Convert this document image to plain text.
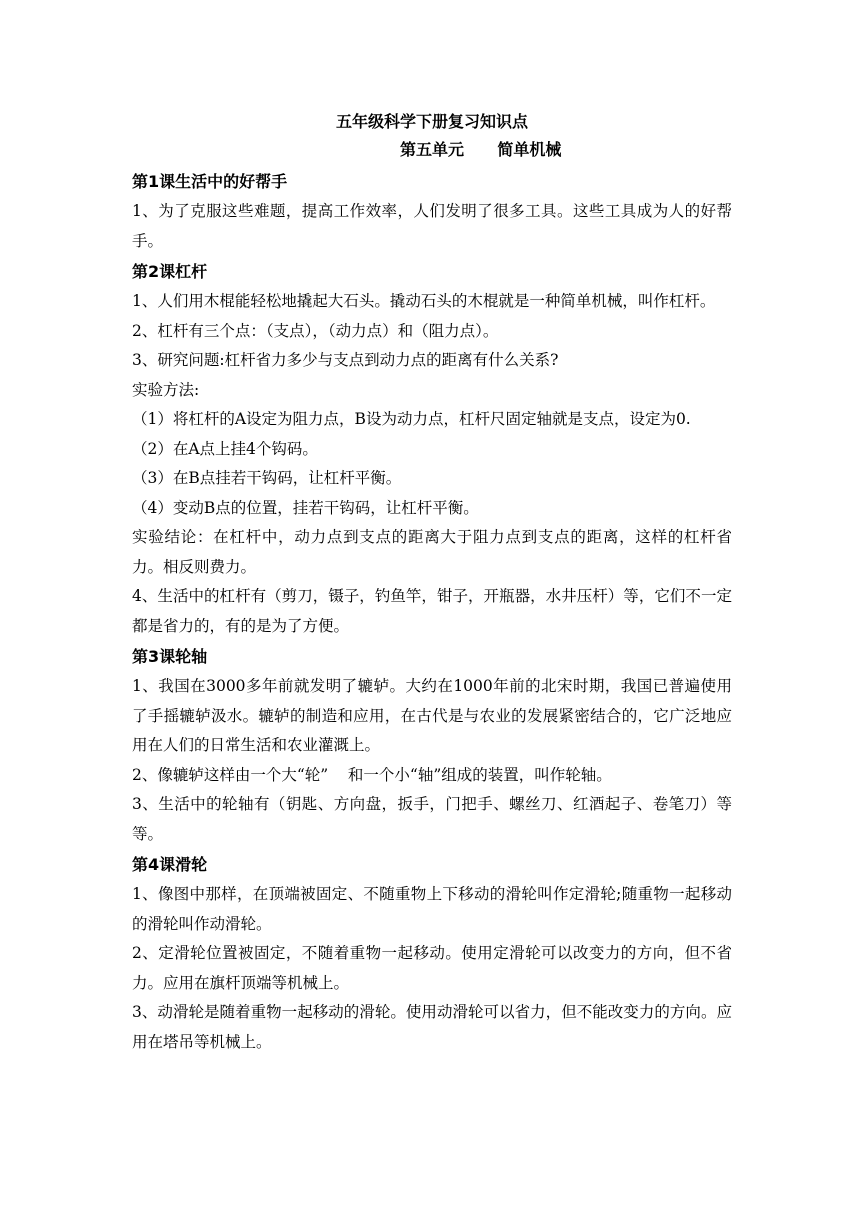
五年级科学下册复习知识点
第五单元      简单机械
第1课生活中的好帮手

1、为了克服这些难题，提高工作效率，人们发明了很多工具。这些工具成为人的好帮手。

第2课杠杆

1、人们用木棍能轻松地撬起大石头。撬动石头的木棍就是一种简单机械，叫作杠杆。

2、杠杆有三个点：（支点），（动力点）和（阻力点）。

3、研究问题:杠杆省力多少与支点到动力点的距离有什么关系?

实验方法:

（1）将杠杆的A设定为阻力点，B设为动力点，杠杆尺固定轴就是支点，设定为0.

（2）在A点上挂4个钩码。

（3）在B点挂若干钩码，让杠杆平衡。

（4）变动B点的位置，挂若干钩码，让杠杆平衡。

实验结论：在杠杆中，动力点到支点的距离大于阻力点到支点的距离，这样的杠杆省力。相反则费力。

4、生活中的杠杆有（剪刀，镊子，钓鱼竿，钳子，开瓶器，水井压杆）等，它们不一定都是省力的，有的是为了方便。

第3课轮轴

1、我国在3000多年前就发明了辘轳。大约在1000年前的北宋时期，我国已普遍使用了手摇辘轳汲水。辘轳的制造和应用，在古代是与农业的发展紧密结合的，它广泛地应用在人们的日常生活和农业灌溉上。

2、像辘轳这样由一个大“轮”    和一个小“轴”组成的装置，叫作轮轴。

3、生活中的轮轴有（钥匙、方向盘，扳手，门把手、螺丝刀、红酒起子、卷笔刀）等等。

第4课滑轮

1、像图中那样，在顶端被固定、不随重物上下移动的滑轮叫作定滑轮;随重物一起移动的滑轮叫作动滑轮。

2、定滑轮位置被固定，不随着重物一起移动。使用定滑轮可以改变力的方向，但不省力。应用在旗杆顶端等机械上。

3、动滑轮是随着重物一起移动的滑轮。使用动滑轮可以省力，但不能改变力的方向。应用在塔吊等机械上。
